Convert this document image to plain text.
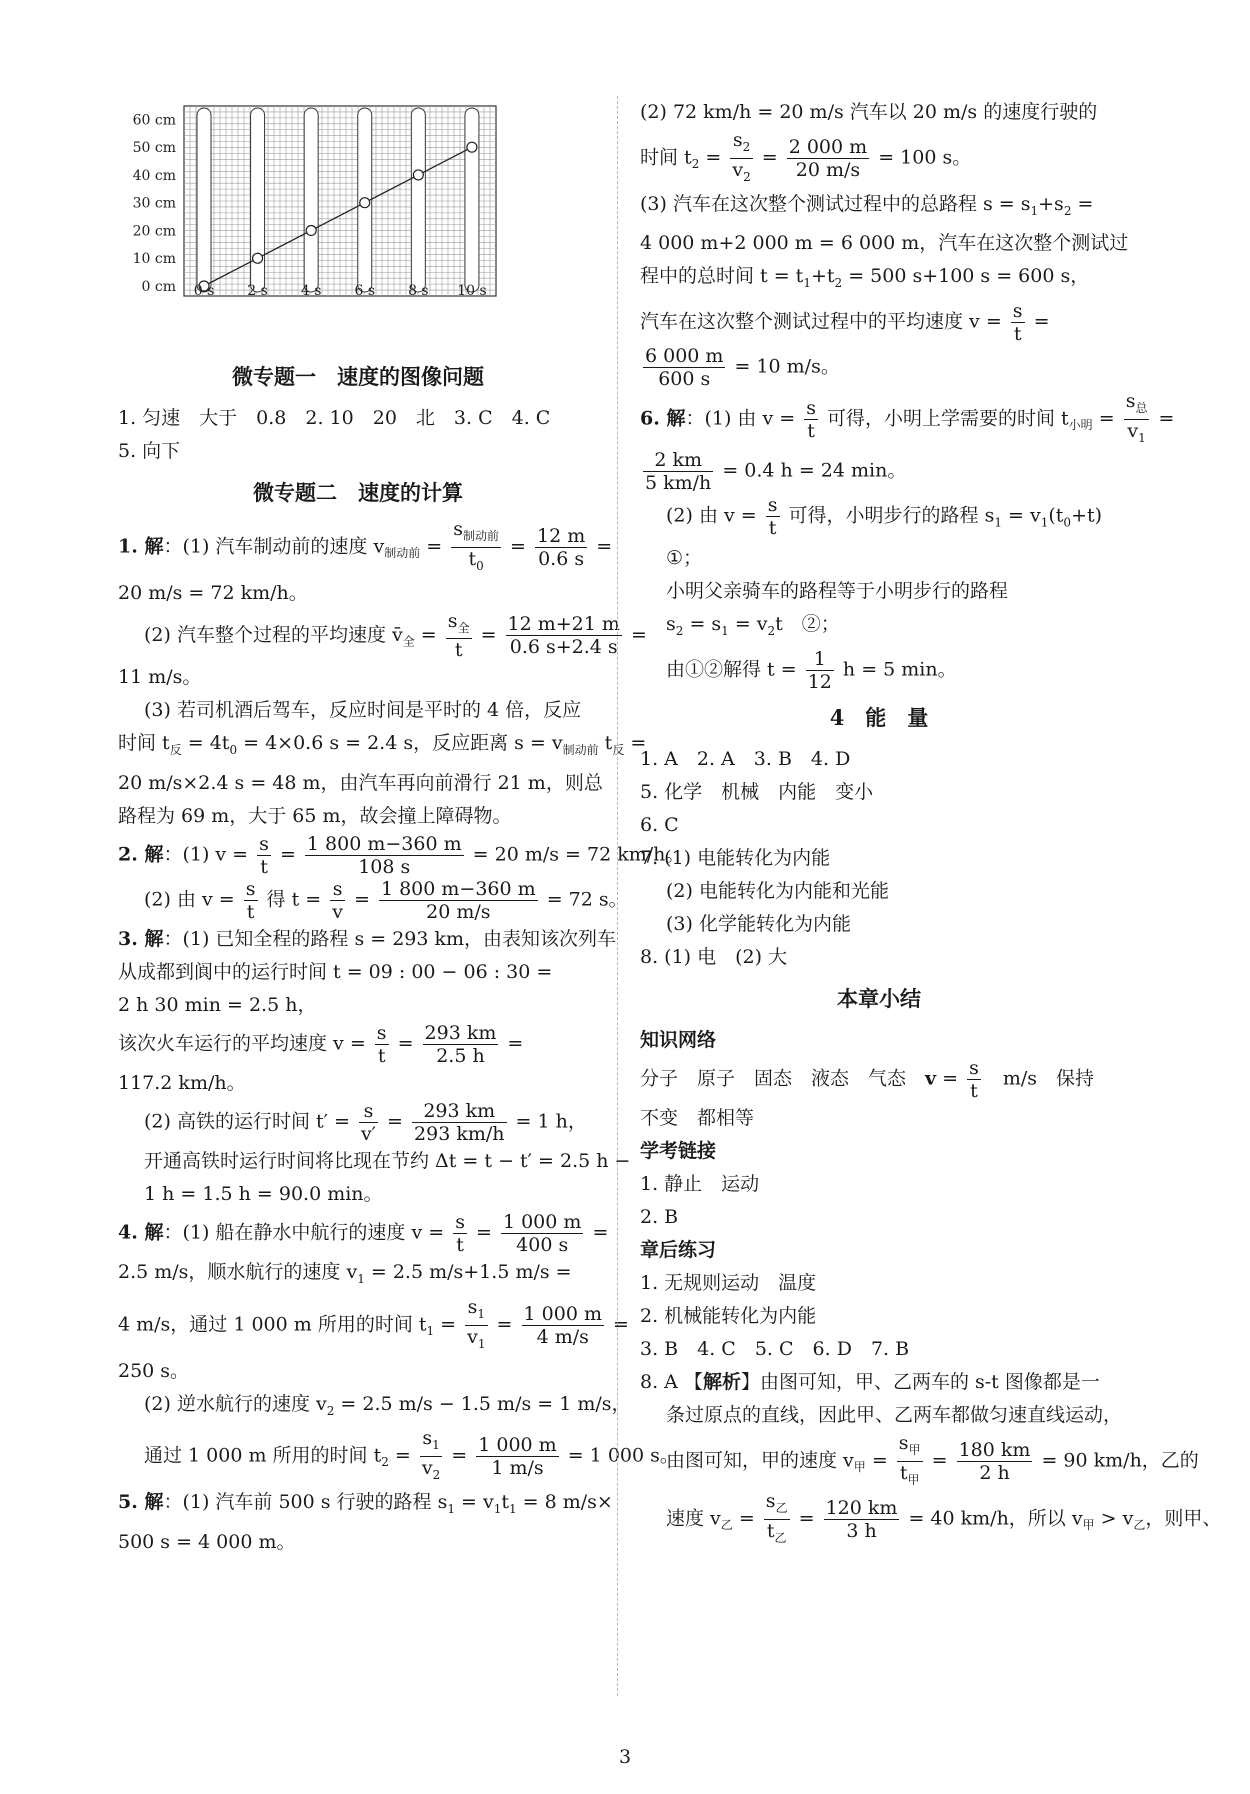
0 cm
10 cm
20 cm
30 cm
40 cm
50 cm
60 cm
0 s 2 s 4 s 6 s 8 s 10 s
微专题一　速度的图像问题
1. 匀速　大于　0.8　2. 10　20　北　3. C　4. C
5. 向下
微专题二　速度的计算
1. 解：(1) 汽车制动前的速度 $v_{制动前} = \frac{s_{制动前}}{t_0} = \frac{12 m}{0.6 s}$ =
20 m/s = 72 km/h。
(2) 汽车整个过程的平均速度 $v̄_全 = \frac{s_全}{t} = \frac{12 m+21 m}{0.6 s+2.4 s}$ =
11 m/s。
(3) 若司机酒后驾车，反应时间是平时的 4 倍，反应
时间 $t_反 = 4t_0 = 4\times 0.6$ s = 2.4 s，反应距离 $s = v_{制动前}$ $t_反$ =
20 m/s×2.4 s = 48 m，由汽车再向前滑行 21 m，则总
路程为 69 m，大于 65 m，故会撞上障碍物。
2. 解：(1) $v = \frac{s}{t} = \frac{1 800 m-360 m}{108 s} = 20$ m/s = 72 km/h。
(2) 由 $v = \frac{s}{t}$ 得 $t = \frac{s}{v} = \frac{1 800 m-360 m}{20 m/s} = 72$ s。
3. 解：(1) 已知全程的路程 s = 293 km，由表知该次列车
从成都到阆中的运行时间 t = 09 : 00 − 06 : 30 =
2 h 30 min = 2.5 h，
该次火车运行的平均速度 $v = \frac{s}{t} = \frac{293 km}{2.5 h}$ =
117.2 km/h。
(2) 高铁的运行时间 $t' = \frac{s}{v'} = \frac{293 km}{293 km/h} = 1$ h，
开通高铁时运行时间将比现在节约 Δt = t − t′ = 2.5 h −
1 h = 1.5 h = 90.0 min。
4. 解：(1) 船在静水中航行的速度 $v = \frac{s}{t} = \frac{1 000 m}{400 s}$ =
2.5 m/s，顺水航行的速度 $v_1 = 2.5$ m/s+1.5 m/s =
4 m/s，通过 1 000 m 所用的时间 $t_1 = \frac{s_1}{v_1} = \frac{1 000 m}{4 m/s}$ =
250 s。
(2) 逆水航行的速度 $v_2 = 2.5$ m/s − 1.5 m/s = 1 m/s，
通过 1 000 m 所用的时间 $t_2 = \frac{s_1}{v_2} = \frac{1 000 m}{1 m/s} = 1$ 000 s。
5. 解：(1) 汽车前 500 s 行驶的路程 $s_1 = v_1t_1 = 8$ m/s×
500 s = 4 000 m。
(2) 72 km/h = 20 m/s 汽车以 20 m/s 的速度行驶的
时间 $t_2 = \frac{s_2}{v_2} = \frac{2 000 m}{20 m/s} = 100$ s。
(3) 汽车在这次整个测试过程中的总路程 $s = s_1+s_2$ =
4 000 m+2 000 m = 6 000 m，汽车在这次整个测试过
程中的总时间 $t = t_1+t_2 = 500$ s+100 s = 600 s，
汽车在这次整个测试过程中的平均速度 $v = \frac{s}{t}$ =
$\frac{6 000 m}{600 s} = 10$ m/s。
6. 解：(1) 由 $v = \frac{s}{t}$ 可得，小明上学需要的时间 $t_{小明} = \frac{s_总}{v_1}$ =
$\frac{2 km}{5 km/h} = 0.4$ h = 24 min。
(2) 由 $v = \frac{s}{t}$ 可得，小明步行的路程 $s_1 = v_1(t_0+t)$
①；
小明父亲骑车的路程等于小明步行的路程
$s_2 = s_1 = v_2t$　②；
由①②解得 $t = \frac{1}{12}$ h = 5 min。
4　能　量
1. A　2. A　3. B　4. D
5. 化学　机械　内能　变小
6. C
7. (1) 电能转化为内能
(2) 电能转化为内能和光能
(3) 化学能转化为内能
8. (1) 电　(2) 大
本章小结
知识网络
分子　原子　固态　液态　气态　$v = \frac{s}{t}$ 　m/s　保持
不变　都相等
学考链接
1. 静止　运动
2. B
章后练习
1. 无规则运动　温度
2. 机械能转化为内能
3. B　4. C　5. C　6. D　7. B
8. A 【解析】由图可知，甲、乙两车的 s-t 图像都是一
条过原点的直线，因此甲、乙两车都做匀速直线运动，
由图可知，甲的速度 $v_甲 = \frac{s_甲}{t_甲} = \frac{180 km}{2 h} = 90$ km/h，乙的
速度 $v_乙 = \frac{s_乙}{t_乙} = \frac{120 km}{3 h} = 40$ km/h，所以 $v_甲 > v_乙$，则甲、
3
